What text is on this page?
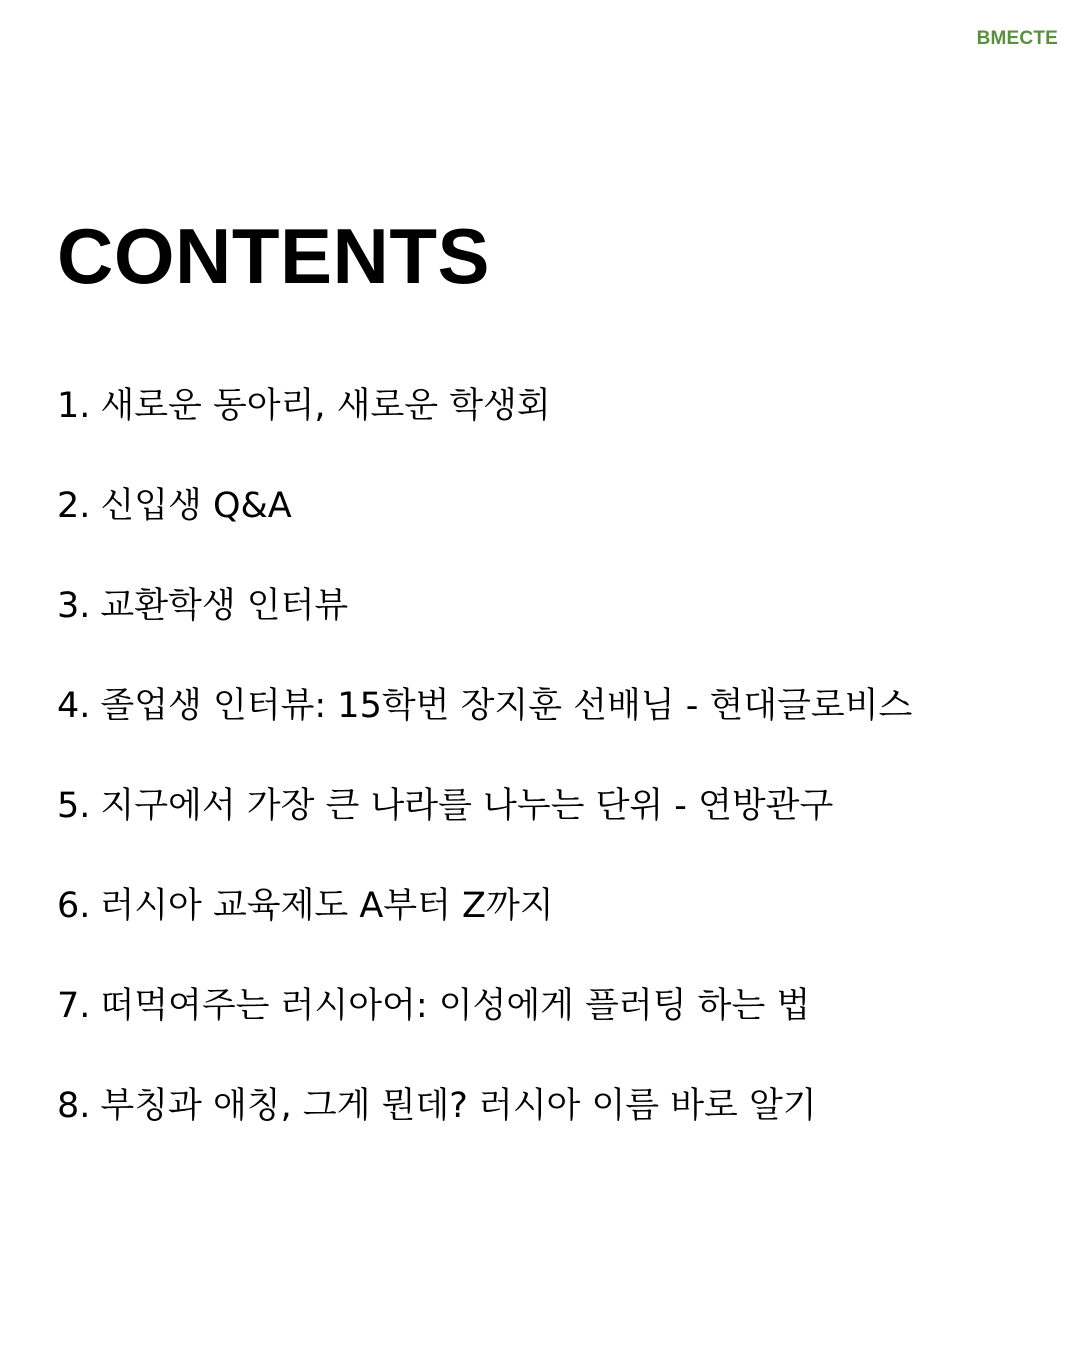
BMECTE
CONTENTS
1. 새로운 동아리, 새로운 학생회
2. 신입생 Q&A
3. 교환학생 인터뷰
4. 졸업생 인터뷰: 15학번 장지훈 선배님 - 현대글로비스
5. 지구에서 가장 큰 나라를 나누는 단위 - 연방관구
6. 러시아 교육제도 A부터 Z까지
7. 떠먹여주는 러시아어: 이성에게 플러팅 하는 법
8. 부칭과 애칭, 그게 뭔데? 러시아 이름 바로 알기
